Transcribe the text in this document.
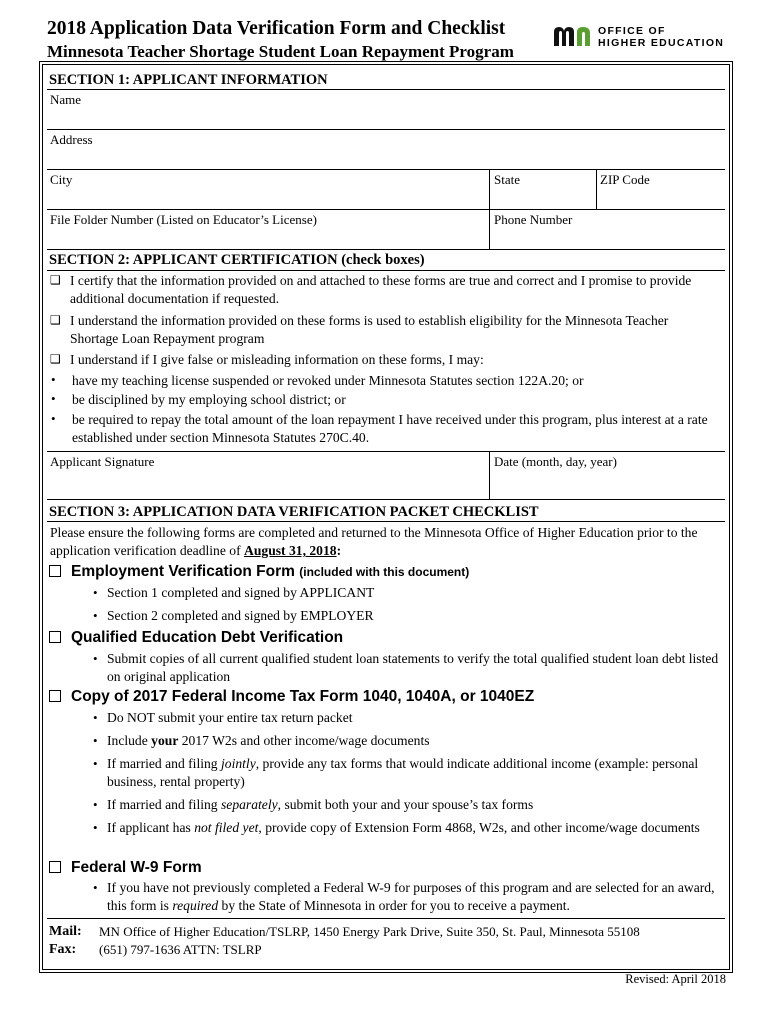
2018 Application Data Verification Form and Checklist
Minnesota Teacher Shortage Student Loan Repayment Program
OFFICE OF
HIGHER EDUCATION
SECTION 1: APPLICANT INFORMATION
Name
Address
City	State	ZIP Code
File Folder Number (Listed on Educator’s License)	Phone Number
SECTION 2: APPLICANT CERTIFICATION (check boxes)
❑ I certify that the information provided on and attached to these forms are true and correct and I promise to provide additional documentation if requested.
❑ I understand the information provided on these forms is used to establish eligibility for the Minnesota Teacher Shortage Loan Repayment program
❑ I understand if I give false or misleading information on these forms, I may:
• have my teaching license suspended or revoked under Minnesota Statutes section 122A.20; or
• be disciplined by my employing school district; or
• be required to repay the total amount of the loan repayment I have received under this program, plus interest at a rate established under section Minnesota Statutes 270C.40.
Applicant Signature	Date (month, day, year)
SECTION 3: APPLICATION DATA VERIFICATION PACKET CHECKLIST
Please ensure the following forms are completed and returned to the Minnesota Office of Higher Education prior to the application verification deadline of August 31, 2018:
Employment Verification Form (included with this document)
• Section 1 completed and signed by APPLICANT
• Section 2 completed and signed by EMPLOYER
Qualified Education Debt Verification
• Submit copies of all current qualified student loan statements to verify the total qualified student loan debt listed on original application
Copy of 2017 Federal Income Tax Form 1040, 1040A, or 1040EZ
• Do NOT submit your entire tax return packet
• Include your 2017 W2s and other income/wage documents
• If married and filing jointly, provide any tax forms that would indicate additional income (example: personal business, rental property)
• If married and filing separately, submit both your and your spouse’s tax forms
• If applicant has not filed yet, provide copy of Extension Form 4868, W2s, and other income/wage documents
Federal W-9 Form
• If you have not previously completed a Federal W-9 for purposes of this program and are selected for an award, this form is required by the State of Minnesota in order for you to receive a payment.
Mail: MN Office of Higher Education/TSLRP, 1450 Energy Park Drive, Suite 350, St. Paul, Minnesota 55108
Fax: (651) 797-1636 ATTN: TSLRP
Revised: April 2018
